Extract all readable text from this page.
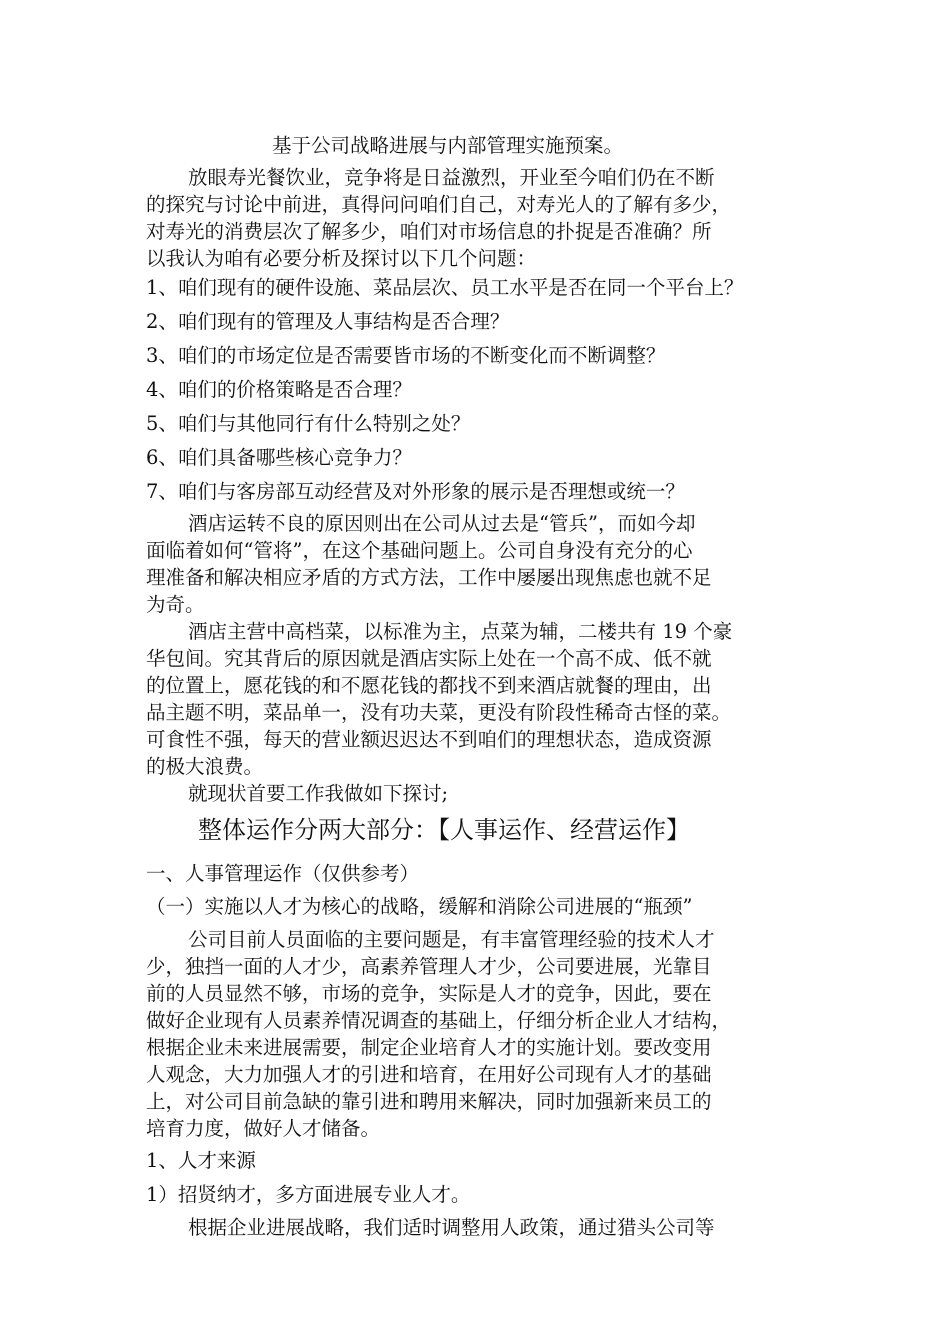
基于公司战略进展与内部管理实施预案。
放眼寿光餐饮业，竞争将是日益激烈，开业至今咱们仍在不断
的探究与讨论中前进，真得问问咱们自己，对寿光人的了解有多少，
对寿光的消费层次了解多少，咱们对市场信息的扑捉是否准确？所
以我认为咱有必要分析及探讨以下几个问题：
1、咱们现有的硬件设施、菜品层次、员工水平是否在同一个平台上？
2、咱们现有的管理及人事结构是否合理？
3、咱们的市场定位是否需要皆市场的不断变化而不断调整？
4、咱们的价格策略是否合理？
5、咱们与其他同行有什么特别之处？
6、咱们具备哪些核心竞争力？
7、咱们与客房部互动经营及对外形象的展示是否理想或统一？
酒店运转不良的原因则出在公司从过去是“管兵”，而如今却
面临着如何“管将”，在这个基础问题上。公司自身没有充分的心
理准备和解决相应矛盾的方式方法，工作中屡屡出现焦虑也就不足
为奇。
酒店主营中高档菜，以标准为主，点菜为辅，二楼共有 19 个豪
华包间。究其背后的原因就是酒店实际上处在一个高不成、低不就
的位置上，愿花钱的和不愿花钱的都找不到来酒店就餐的理由，出
品主题不明，菜品单一，没有功夫菜，更没有阶段性稀奇古怪的菜。
可食性不强，每天的营业额迟迟达不到咱们的理想状态，造成资源
的极大浪费。
就现状首要工作我做如下探讨;
整体运作分两大部分：【人事运作、经营运作】
一、人事管理运作（仅供参考）
（一）实施以人才为核心的战略，缓解和消除公司进展的“瓶颈”
公司目前人员面临的主要问题是，有丰富管理经验的技术人才
少，独挡一面的人才少，高素养管理人才少，公司要进展，光靠目
前的人员显然不够，市场的竞争，实际是人才的竞争，因此，要在
做好企业现有人员素养情况调查的基础上，仔细分析企业人才结构，
根据企业未来进展需要，制定企业培育人才的实施计划。要改变用
人观念，大力加强人才的引进和培育，在用好公司现有人才的基础
上，对公司目前急缺的靠引进和聘用来解决，同时加强新来员工的
培育力度，做好人才储备。
1、人才来源
1）招贤纳才，多方面进展专业人才。
根据企业进展战略，我们适时调整用人政策，通过猎头公司等
